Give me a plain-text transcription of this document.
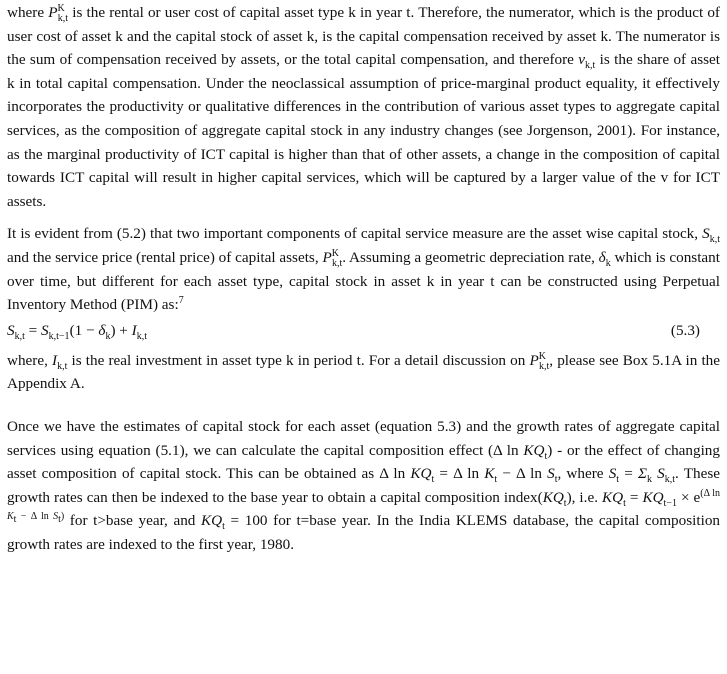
where $P^K_{k,t}$ is the rental or user cost of capital asset type k in year t. Therefore, the numerator, which is the product of user cost of asset k and the capital stock of asset k, is the capital compensation received by asset k. The numerator is the sum of compensation received by assets, or the total capital compensation, and therefore $v_{k,t}$ is the share of asset k in total capital compensation. Under the neoclassical assumption of price-marginal product equality, it effectively incorporates the productivity or qualitative differences in the contribution of various asset types to aggregate capital services, as the composition of aggregate capital stock in any industry changes (see Jorgenson, 2001). For instance, as the marginal productivity of ICT capital is higher than that of other assets, a change in the composition of capital towards ICT capital will result in higher capital services, which will be captured by a larger value of the v for ICT assets.

It is evident from (5.2) that two important components of capital service measure are the asset wise capital stock, $S_{k,t}$ and the service price (rental price) of capital assets, $P^K_{k,t}$. Assuming a geometric depreciation rate, $\delta_k$ which is constant over time, but different for each asset type, capital stock in asset k in year t can be constructed using Perpetual Inventory Method (PIM) as:$^7$

$S_{k,t} = S_{k,t-1}(1 - \delta_k) + I_{k,t}$	(5.3)

where, $I_{k,t}$ is the real investment in asset type k in period t. For a detail discussion on $P^K_{k,t}$, please see Box 5.1A in the Appendix A.

Once we have the estimates of capital stock for each asset (equation 5.3) and the growth rates of aggregate capital services using equation (5.1), we can calculate the capital composition effect (Δ $\ln KQ_t$) - or the effect of changing asset composition of capital stock. This can be obtained as Δ $\ln KQ_t = \Delta$ $\ln K_t - \Delta$ $\ln S_t$, where $S_t = \Sigma_k$ $S_{k,t}$. These growth rates can then be indexed to the base year to obtain a capital composition $index(KQ_t)$, i.e. $KQ_t = KQ_{t-1} \times e^{(\Delta ln K_t - \Delta ln S_t)}$ for t>base year, and $KQ_t = 100$ for t=base year. In the India KLEMS database, the capital composition growth rates are indexed to the first year, 1980.
